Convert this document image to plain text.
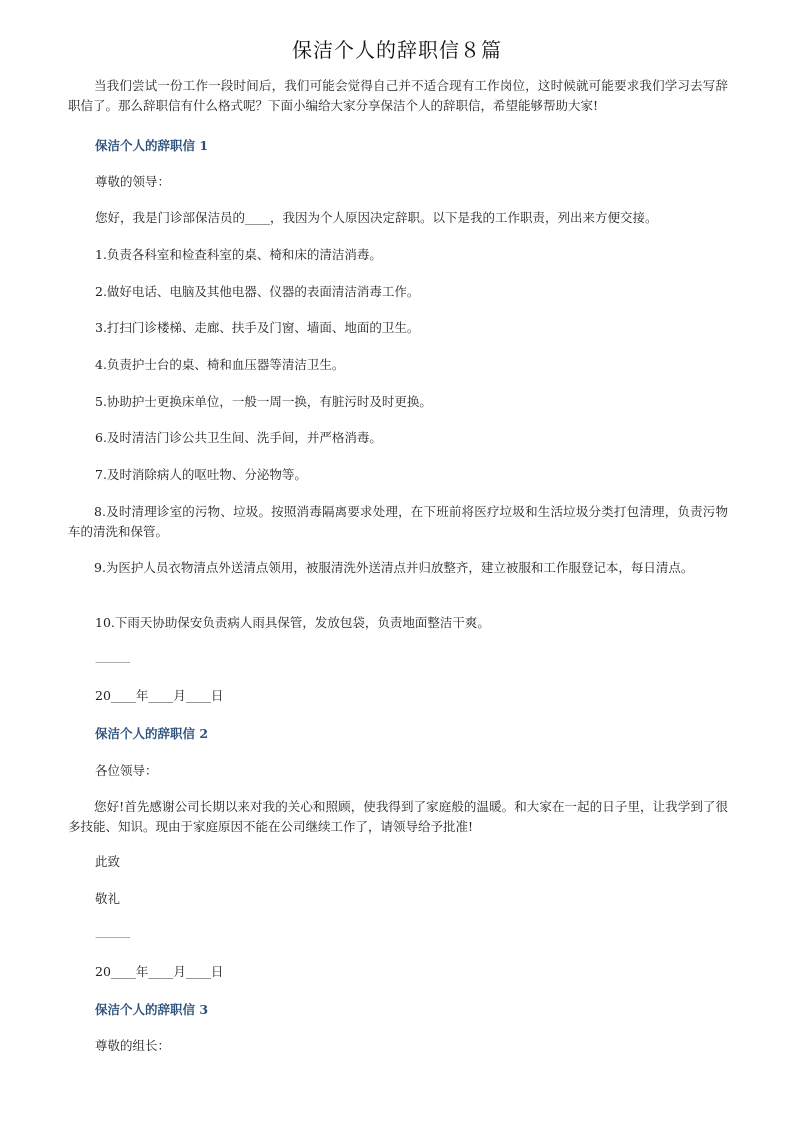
保洁个人的辞职信８篇
当我们尝试一份工作一段时间后，我们可能会觉得自己并不适合现有工作岗位，这时候就可能要求我们学习去写辞职信了。那么辞职信有什么格式呢？下面小编给大家分享保洁个人的辞职信，希望能够帮助大家!
保洁个人的辞职信 1
尊敬的领导：
您好，我是门诊部保洁员的____，我因为个人原因决定辞职。以下是我的工作职责，列出来方便交接。
1.负责各科室和检查科室的桌、椅和床的清洁消毒。
2.做好电话、电脑及其他电器、仪器的表面清洁消毒工作。
3.打扫门诊楼梯、走廊、扶手及门窗、墙面、地面的卫生。
4.负责护士台的桌、椅和血压器等清洁卫生。
5.协助护士更换床单位，一般一周一换，有脏污时及时更换。
6.及时清洁门诊公共卫生间、洗手间，并严格消毒。
7.及时消除病人的呕吐物、分泌物等。
8.及时清理诊室的污物、垃圾。按照消毒隔离要求处理，在下班前将医疗垃圾和生活垃圾分类打包清理，负责污物车的清洗和保管。
9.为医护人员衣物清点外送清点领用，被服清洗外送清点并归放整齐，建立被服和工作服登记本，每日清点。
10.下雨天协助保安负责病人雨具保管，发放包袋，负责地面整洁干爽。
———
20____年____月____日
保洁个人的辞职信 2
各位领导：
您好!首先感谢公司长期以来对我的关心和照顾，使我得到了家庭般的温暖。和大家在一起的日子里，让我学到了很多技能、知识。现由于家庭原因不能在公司继续工作了，请领导给予批准!
此致
敬礼
———
20____年____月____日
保洁个人的辞职信 3
尊敬的组长：
